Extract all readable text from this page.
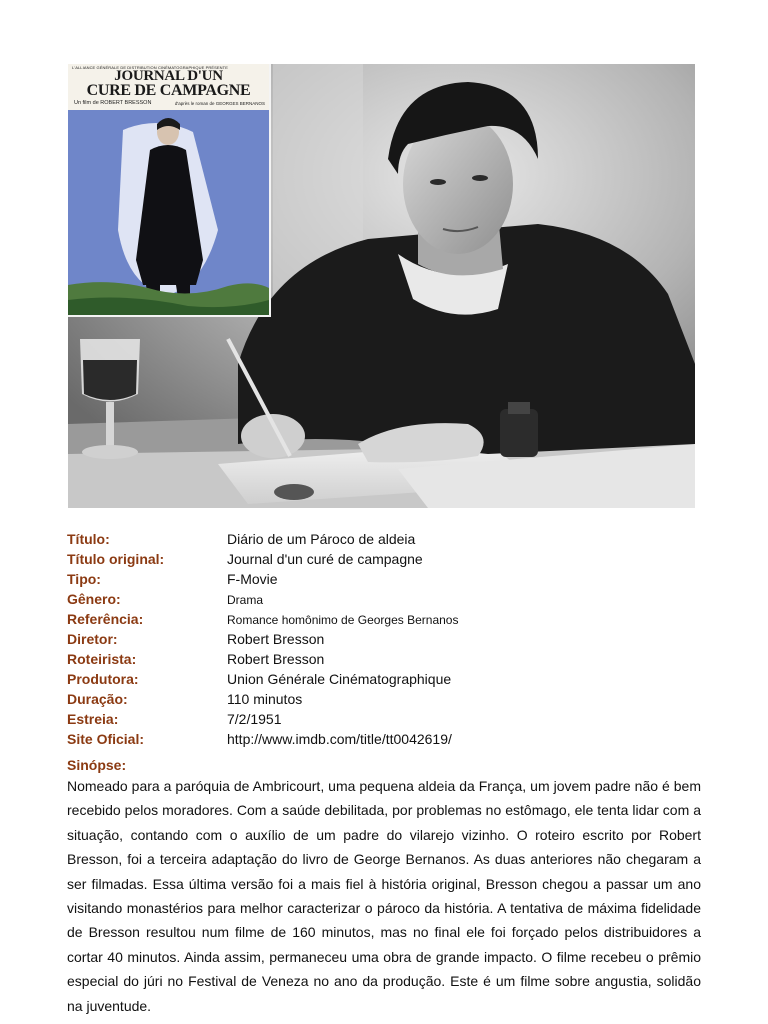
L'ALLIANCE GÉNÉRALE DE DISTRIBUTION CINÉMATOGRAPHIQUE PRÉSENTE
JOURNAL D'UN
CURE DE CAMPAGNE
Un film de ROBERT BRESSON	d'après le roman de GEORGES BERNANOS
Título:	Diário de um Pároco de aldeia
Título original:	Journal d'un curé de campagne
Tipo:	F-Movie
Gênero:	Drama
Referência:	Romance homônimo de Georges Bernanos
Diretor:	Robert Bresson
Roteirista:	Robert Bresson
Produtora:	Union Générale Cinématographique
Duração:	110 minutos
Estreia:	7/2/1951
Site Oficial:	http://www.imdb.com/title/tt0042619/
Sinópse:
Nomeado para a paróquia de Ambricourt, uma pequena aldeia da França, um jovem padre não é bem recebido pelos moradores. Com a saúde debilitada, por problemas no estômago, ele tenta lidar com a situação, contando com o auxílio de um padre do vilarejo vizinho. O roteiro escrito por Robert Bresson, foi a terceira adaptação do livro de George Bernanos. As duas anteriores não chegaram a ser filmadas. Essa última versão foi a mais fiel à história original, Bresson chegou a passar um ano visitando monastérios para melhor caracterizar o pároco da história. A tentativa de máxima fidelidade de Bresson resultou num filme de 160 minutos, mas no final ele foi forçado pelos distribuidores a cortar 40 minutos. Ainda assim, permaneceu uma obra de grande impacto. O filme recebeu o prêmio especial do júri no Festival de Veneza no ano da produção. Este é um filme sobre angustia, solidão na juventude.
